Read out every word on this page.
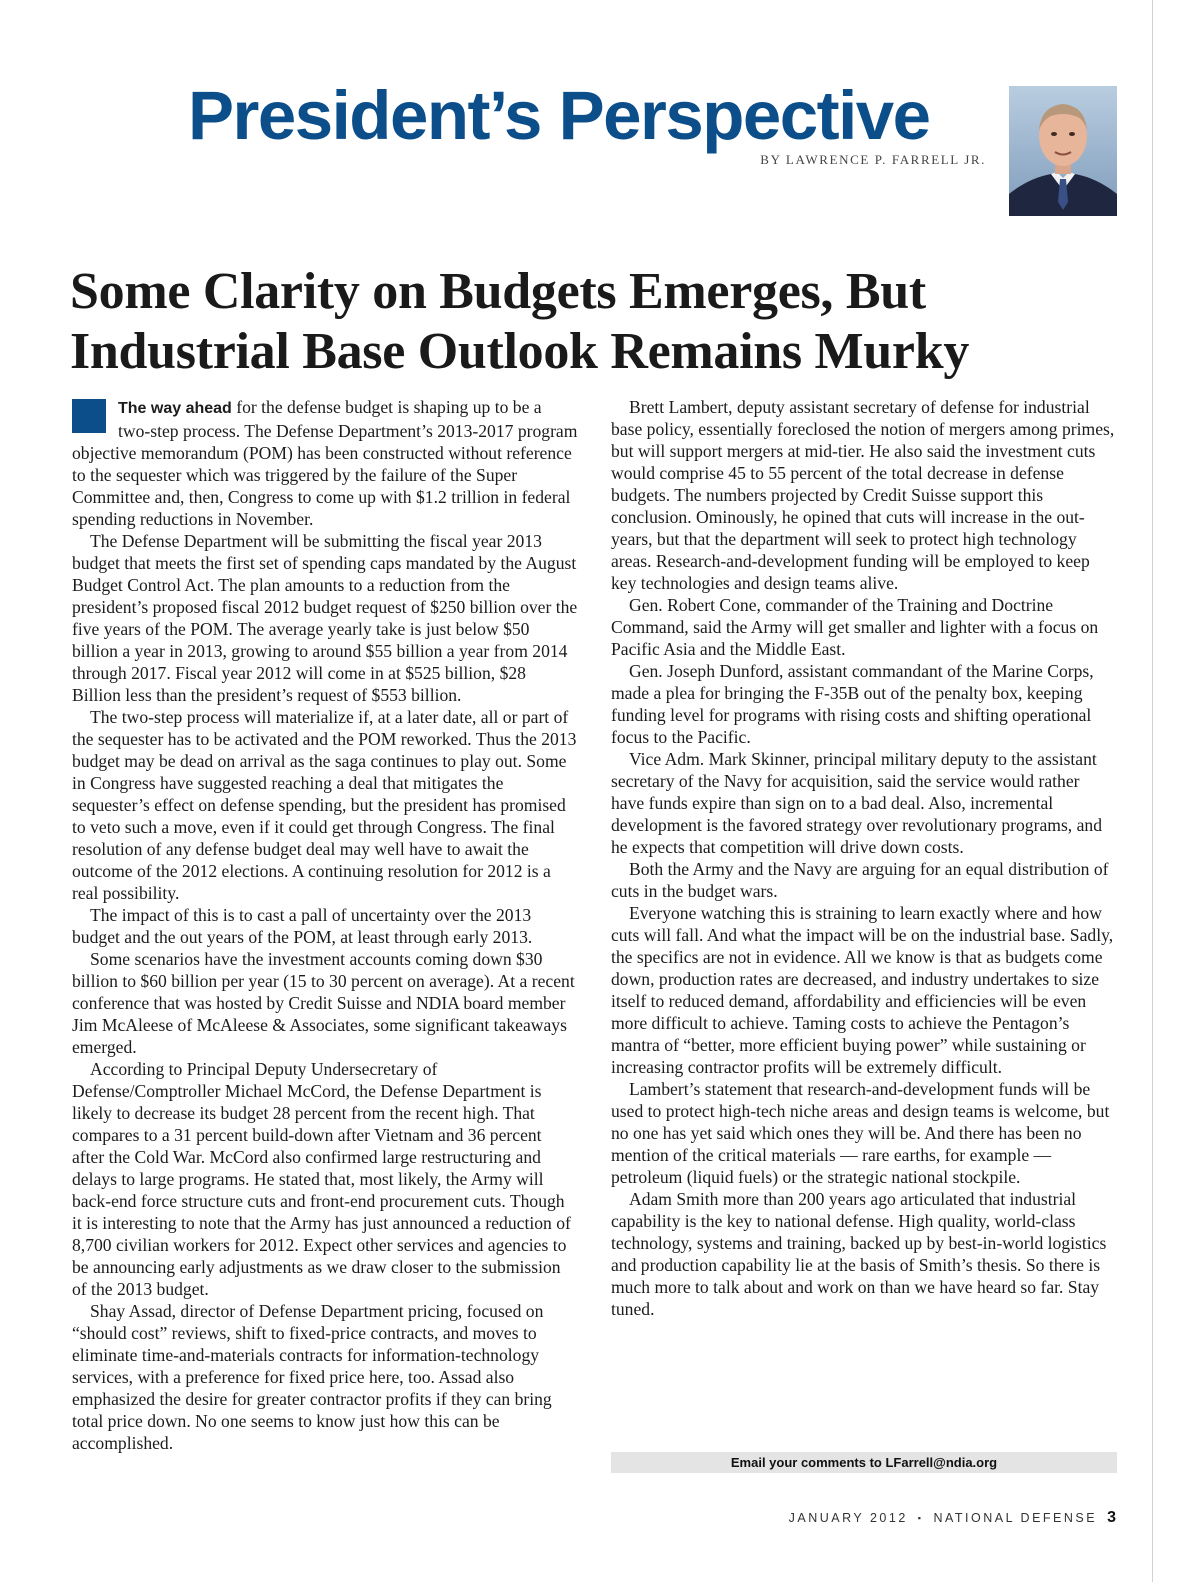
President’s Perspective
BY LAWRENCE P. FARRELL JR.
Some Clarity on Budgets Emerges, But
Industrial Base Outlook Remains Murky

The way ahead for the defense budget is shaping up to be a two-step process. The Defense Department’s 2013-2017 program objective memorandum (POM) has been constructed without reference to the sequester which was triggered by the failure of the Super Committee and, then, Congress to come up with $1.2 trillion in federal spending reductions in November.

The Defense Department will be submitting the fiscal year 2013 budget that meets the first set of spending caps mandated by the August Budget Control Act. The plan amounts to a reduction from the president’s proposed fiscal 2012 budget request of $250 billion over the five years of the POM. The average yearly take is just below $50 billion a year in 2013, growing to around $55 billion a year from 2014 through 2017. Fiscal year 2012 will come in at $525 billion, $28 Billion less than the president’s request of $553 billion.

The two-step process will materialize if, at a later date, all or part of the sequester has to be activated and the POM reworked. Thus the 2013 budget may be dead on arrival as the saga continues to play out. Some in Congress have suggested reaching a deal that mitigates the sequester’s effect on defense spending, but the president has promised to veto such a move, even if it could get through Congress. The final resolution of any defense budget deal may well have to await the outcome of the 2012 elections. A continuing resolution for 2012 is a real possibility.

The impact of this is to cast a pall of uncertainty over the 2013 budget and the out years of the POM, at least through early 2013.

Some scenarios have the investment accounts coming down $30 billion to $60 billion per year (15 to 30 percent on average). At a recent conference that was hosted by Credit Suisse and NDIA board member Jim McAleese of McAleese & Associates, some significant takeaways emerged.

According to Principal Deputy Undersecretary of Defense/Comptroller Michael McCord, the Defense Department is likely to decrease its budget 28 percent from the recent high. That compares to a 31 percent build-down after Vietnam and 36 percent after the Cold War. McCord also confirmed large restructuring and delays to large programs. He stated that, most likely, the Army will back-end force structure cuts and front-end procurement cuts. Though it is interesting to note that the Army has just announced a reduction of 8,700 civilian workers for 2012. Expect other services and agencies to be announcing early adjustments as we draw closer to the submission of the 2013 budget.

Shay Assad, director of Defense Department pricing, focused on “should cost” reviews, shift to fixed-price contracts, and moves to eliminate time-and-materials contracts for information-technology services, with a preference for fixed price here, too. Assad also emphasized the desire for greater contractor profits if they can bring total price down. No one seems to know just how this can be accomplished.

Brett Lambert, deputy assistant secretary of defense for industrial base policy, essentially foreclosed the notion of mergers among primes, but will support mergers at mid-tier. He also said the investment cuts would comprise 45 to 55 percent of the total decrease in defense budgets. The numbers projected by Credit Suisse support this conclusion. Ominously, he opined that cuts will increase in the out-years, but that the department will seek to protect high technology areas. Research-and-development funding will be employed to keep key technologies and design teams alive.

Gen. Robert Cone, commander of the Training and Doctrine Command, said the Army will get smaller and lighter with a focus on Pacific Asia and the Middle East.

Gen. Joseph Dunford, assistant commandant of the Marine Corps, made a plea for bringing the F-35B out of the penalty box, keeping funding level for programs with rising costs and shifting operational focus to the Pacific.

Vice Adm. Mark Skinner, principal military deputy to the assistant secretary of the Navy for acquisition, said the service would rather have funds expire than sign on to a bad deal. Also, incremental development is the favored strategy over revolutionary programs, and he expects that competition will drive down costs.

Both the Army and the Navy are arguing for an equal distribution of cuts in the budget wars.

Everyone watching this is straining to learn exactly where and how cuts will fall. And what the impact will be on the industrial base. Sadly, the specifics are not in evidence. All we know is that as budgets come down, production rates are decreased, and industry undertakes to size itself to reduced demand, affordability and efficiencies will be even more difficult to achieve. Taming costs to achieve the Pentagon’s mantra of “better, more efficient buying power” while sustaining or increasing contractor profits will be extremely difficult.

Lambert’s statement that research-and-development funds will be used to protect high-tech niche areas and design teams is welcome, but no one has yet said which ones they will be. And there has been no mention of the critical materials — rare earths, for example — petroleum (liquid fuels) or the strategic national stockpile.

Adam Smith more than 200 years ago articulated that industrial capability is the key to national defense. High quality, world-class technology, systems and training, backed up by best-in-world logistics and production capability lie at the basis of Smith’s thesis. So there is much more to talk about and work on than we have heard so far. Stay tuned.

Email your comments to LFarrell@ndia.org
JANUARY 2012 ▪ NATIONAL DEFENSE 3
